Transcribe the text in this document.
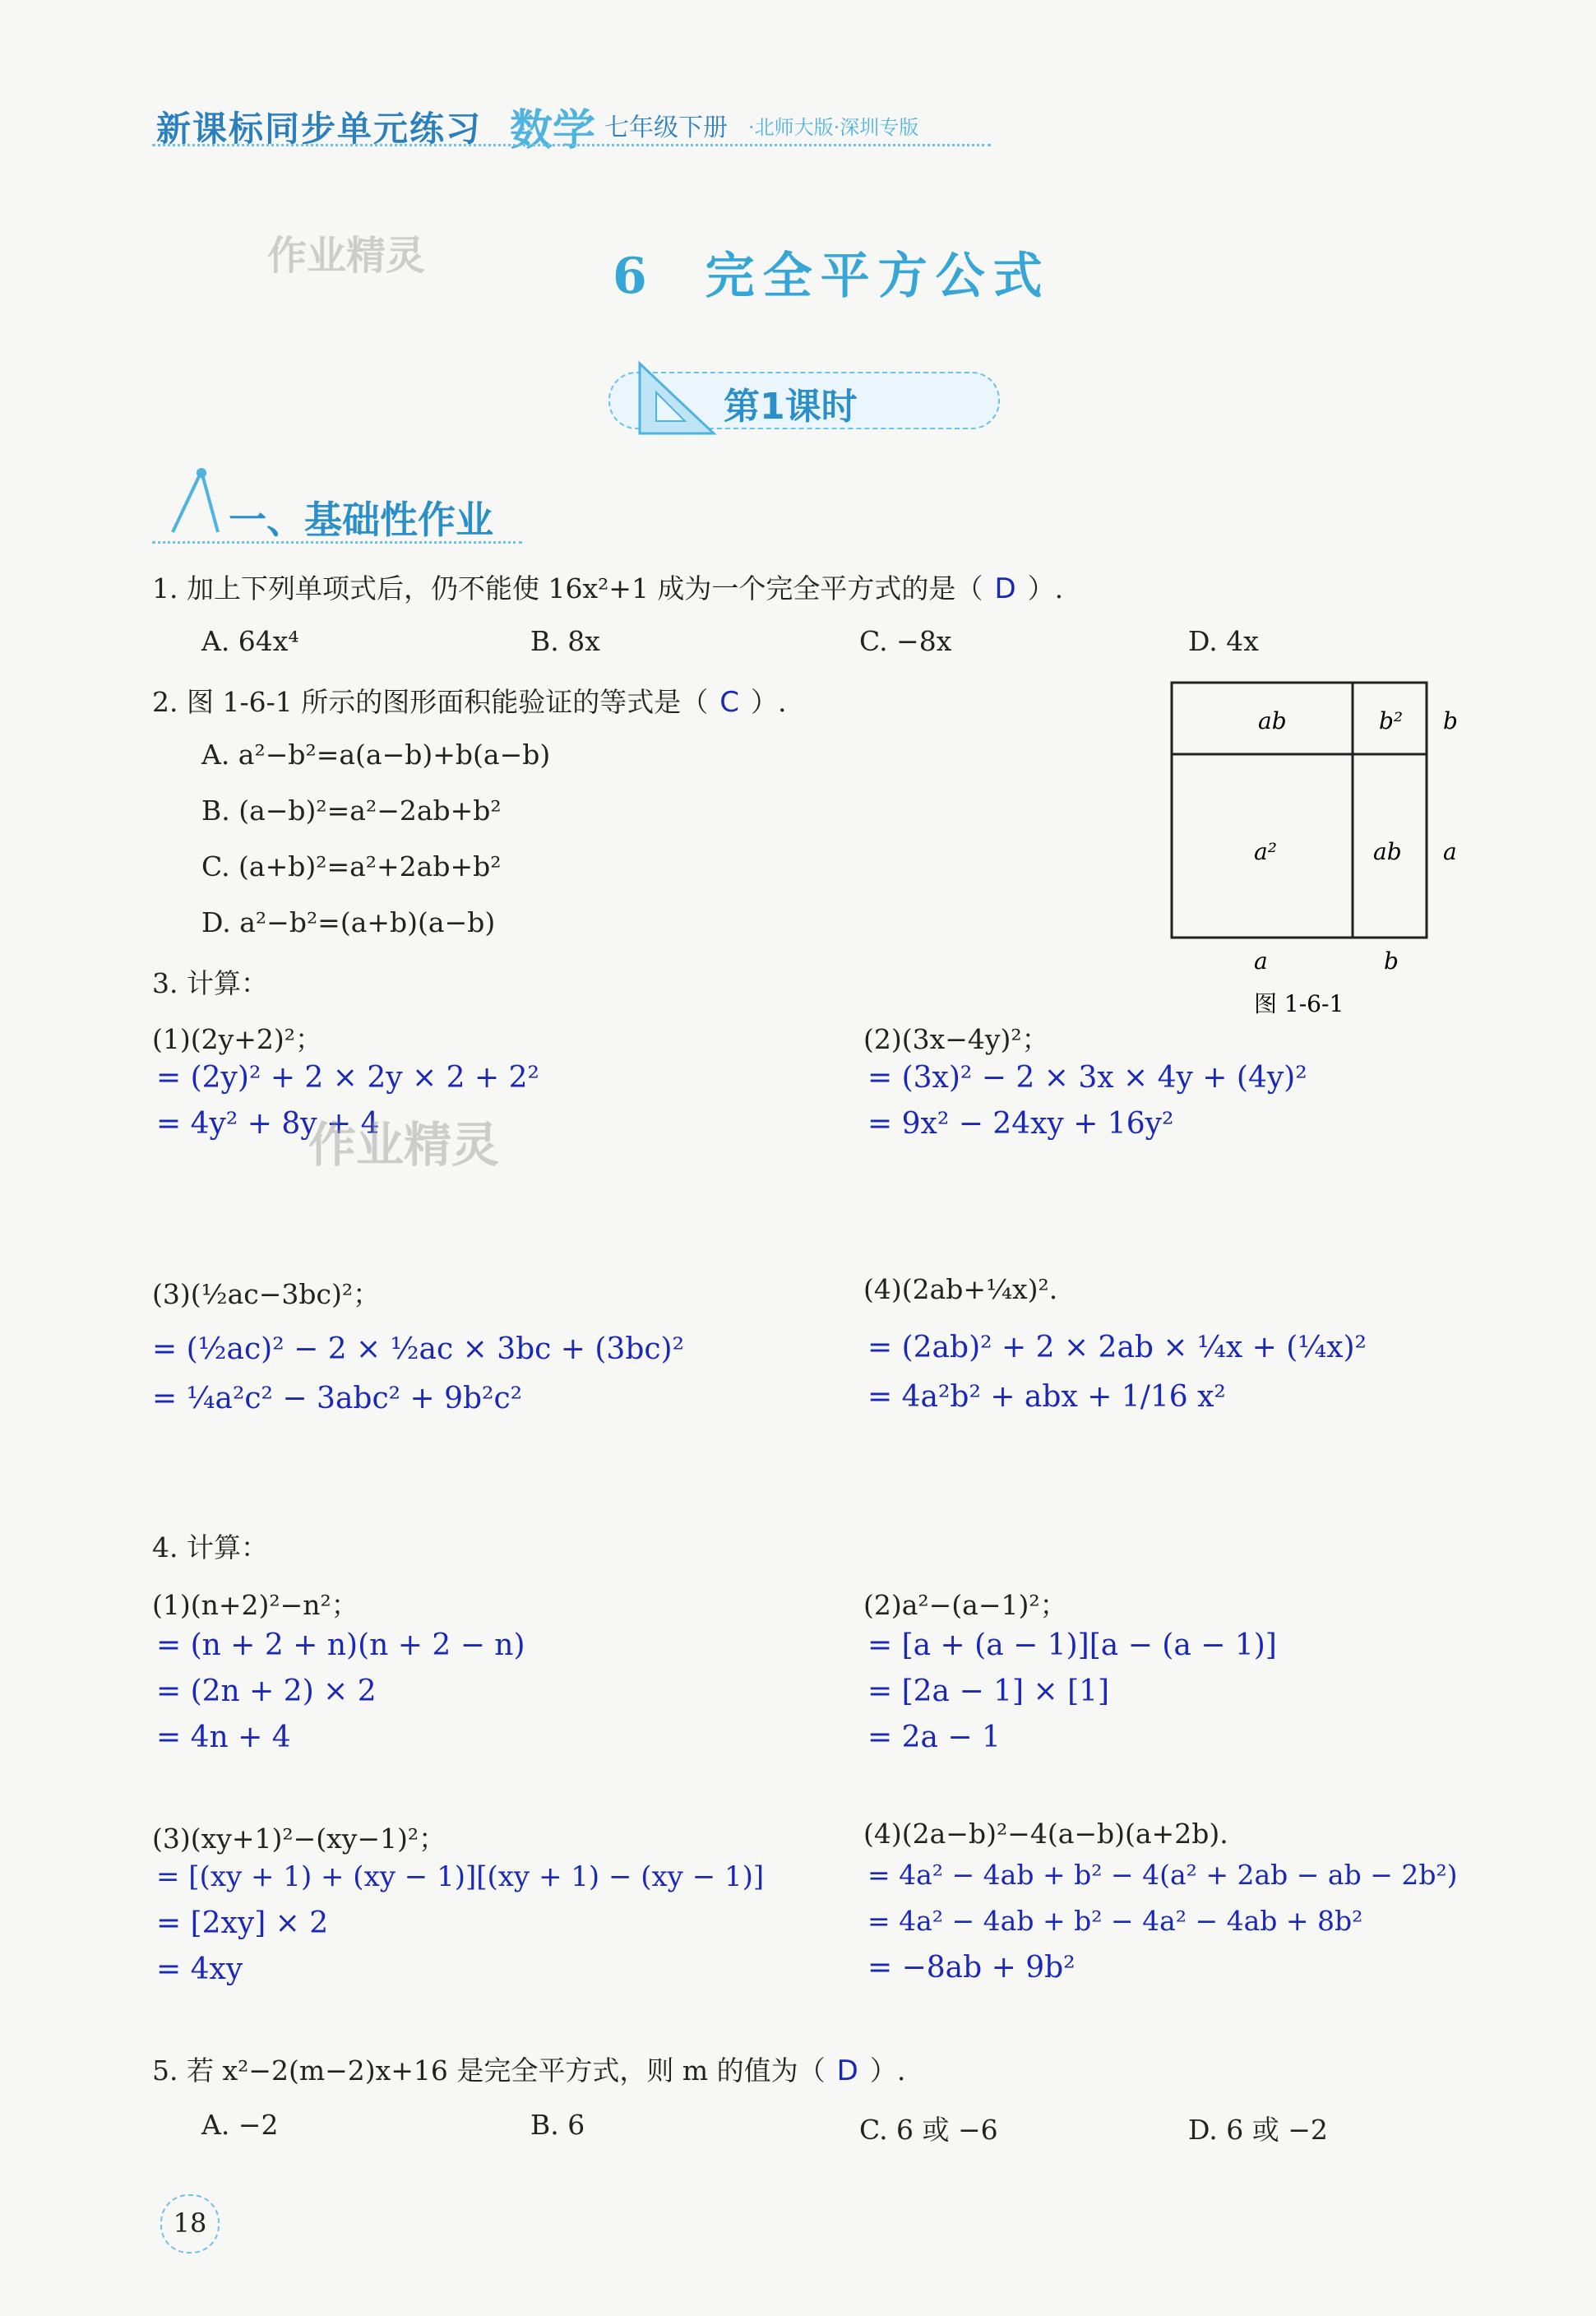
新课标同步单元练习 数学 七年级下册 ·北师大版·深圳专版
作业精灵	6 完全平方公式
第1课时
一、基础性作业
1. 加上下列单项式后，仍不能使 16x²+1 成为一个完全平方式的是（ D ）.
A. 64x⁴	B. 8x	C. −8x	D. 4x
2. 图 1-6-1 所示的图形面积能验证的等式是（ C ）.
A. a²−b²=a(a−b)+b(a−b)
B. (a−b)²=a²−2ab+b²
C. (a+b)²=a²+2ab+b²
D. a²−b²=(a+b)(a−b)
ab	b²
a²	ab
b
a
a	b
图 1-6-1
3. 计算：
(1)(2y+2)²；
= (2y)² + 2 × 2y × 2 + 2²
= 4y² + 8y + 4
作业精灵
(2)(3x−4y)²；
= (3x)² − 2 × 3x × 4y + (4y)²
= 9x² − 24xy + 16y²
(3)(½ac−3bc)²；
= (½ac)² − 2 × ½ac × 3bc + (3bc)²
= ¼a²c² − 3abc² + 9b²c²
(4)(2ab+¼x)².
= (2ab)² + 2 × 2ab × ¼x + (¼x)²
= 4a²b² + abx + 1/16 x²
4. 计算：
(1)(n+2)²−n²；
= (n + 2 + n)(n + 2 − n)
= (2n + 2) × 2
= 4n + 4
(2)a²−(a−1)²；
= [a + (a − 1)][a − (a − 1)]
= [2a − 1] × [1]
= 2a − 1
(3)(xy+1)²−(xy−1)²；
= [(xy + 1) + (xy − 1)][(xy + 1) − (xy − 1)]
= [2xy] × 2
= 4xy
(4)(2a−b)²−4(a−b)(a+2b).
= 4a² − 4ab + b² − 4(a² + 2ab − ab − 2b²)
= 4a² − 4ab + b² − 4a² − 4ab + 8b²
= −8ab + 9b²
5. 若 x²−2(m−2)x+16 是完全平方式，则 m 的值为（ D ）.
A. −2	B. 6	C. 6 或 −6	D. 6 或 −2
18
